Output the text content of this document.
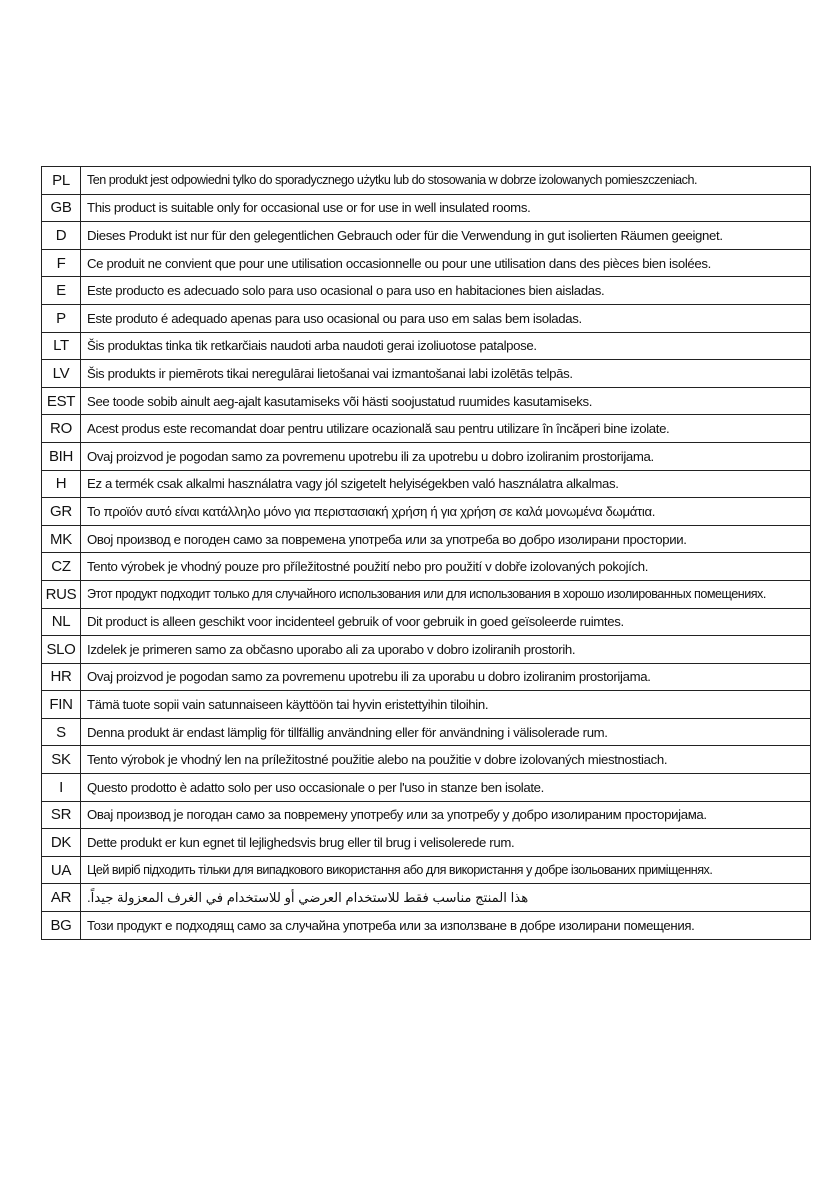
PL	Ten produkt jest odpowiedni tylko do sporadycznego użytku lub do stosowania w dobrze izolowanych pomieszczeniach.
GB	This product is suitable only for occasional use or for use in well insulated rooms.
D	Dieses Produkt ist nur für den gelegentlichen Gebrauch oder für die Verwendung in gut isolierten Räumen geeignet.
F	Ce produit ne convient que pour une utilisation occasionnelle ou pour une utilisation dans des pièces bien isolées.
E	Este producto es adecuado solo para uso ocasional o para uso en habitaciones bien aisladas.
P	Este produto é adequado apenas para uso ocasional ou para uso em salas bem isoladas.
LT	Šis produktas tinka tik retkarčiais naudoti arba naudoti gerai izoliuotose patalpose.
LV	Šis produkts ir piemērots tikai neregulārai lietošanai vai izmantošanai labi izolētās telpās.
EST	See toode sobib ainult aeg-ajalt kasutamiseks või hästi soojustatud ruumides kasutamiseks.
RO	Acest produs este recomandat doar pentru utilizare ocazională sau pentru utilizare în încăperi bine izolate.
BIH	Ovaj proizvod je pogodan samo za povremenu upotrebu ili za upotrebu u dobro izoliranim prostorijama.
H	Ez a termék csak alkalmi használatra vagy jól szigetelt helyiségekben való használatra alkalmas.
GR	Το προϊόν αυτό είναι κατάλληλο μόνο για περιστασιακή χρήση ή για χρήση σε καλά μονωμένα δωμάτια.
MK	Овој производ е погоден само за повремена употреба или за употреба во добро изолирани простории.
CZ	Tento výrobek je vhodný pouze pro příležitostné použití nebo pro použití v dobře izolovaných pokojích.
RUS	Этот продукт подходит только для случайного использования или для использования в хорошо изолированных помещениях.
NL	Dit product is alleen geschikt voor incidenteel gebruik of voor gebruik in goed geïsoleerde ruimtes.
SLO	Izdelek je primeren samo za občasno uporabo ali za uporabo v dobro izoliranih prostorih.
HR	Ovaj proizvod je pogodan samo za povremenu upotrebu ili za uporabu u dobro izoliranim prostorijama.
FIN	Tämä tuote sopii vain satunnaiseen käyttöön tai hyvin eristettyihin tiloihin.
S	Denna produkt är endast lämplig för tillfällig användning eller för användning i välisolerade rum.
SK	Tento výrobok je vhodný len na príležitostné použitie alebo na použitie v dobre izolovaných miestnostiach.
I	Questo prodotto è adatto solo per uso occasionale o per l'uso in stanze ben isolate.
SR	Овај производ је погодан само за повремену употребу или за употребу у добро изолираним просторијама.
DK	Dette produkt er kun egnet til lejlighedsvis brug eller til brug i velisolerede rum.
UA	Цей виріб підходить тільки для випадкового використання або для використання у добре ізольованих приміщеннях.
AR	هذا المنتج مناسب فقط للاستخدام العرضي أو للاستخدام في الغرف المعزولة جيداً.
BG	Този продукт е подходящ само за случайна употреба или за използване в добре изолирани помещения.
